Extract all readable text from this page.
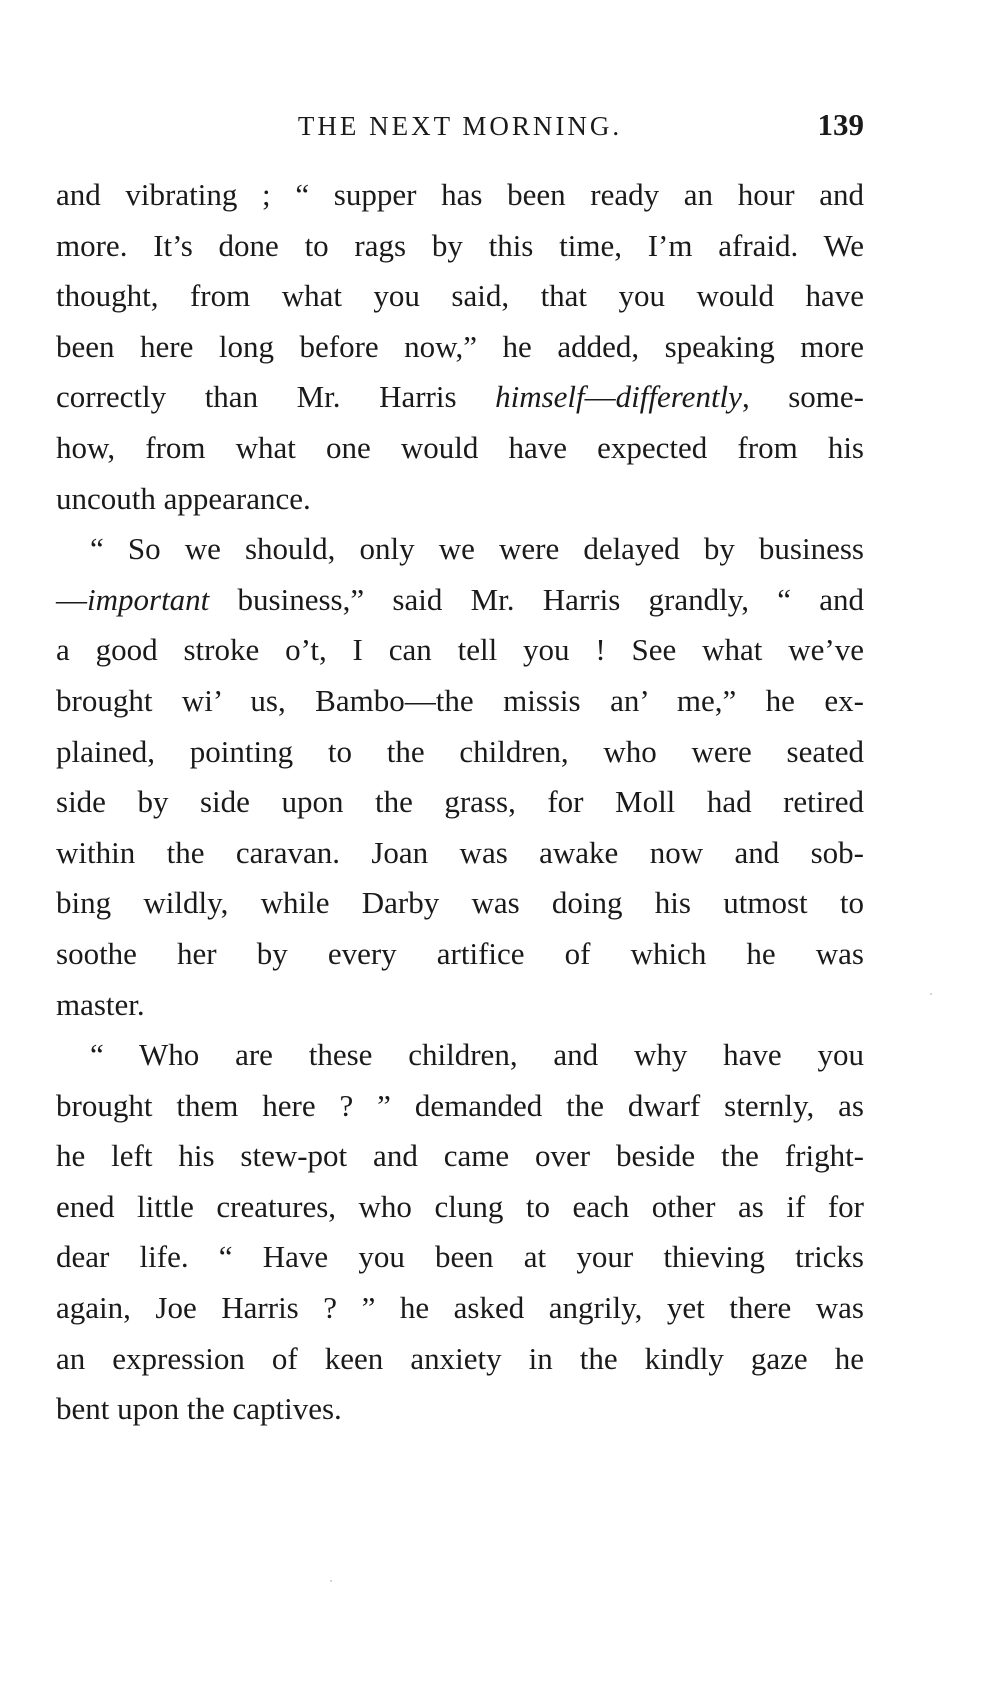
THE NEXT MORNING.	139
and vibrating ; “ supper has been ready an hour and
more. It’s done to rags by this time, I’m afraid. We
thought, from what you said, that you would have
been here long before now,” he added, speaking more
correctly than Mr. Harris himself—differently, some-
how, from what one would have expected from his
uncouth appearance.
“ So we should, only we were delayed by business
—important business,” said Mr. Harris grandly, “ and
a good stroke o’t, I can tell you ! See what we’ve
brought wi’ us, Bambo—the missis an’ me,” he ex-
plained, pointing to the children, who were seated
side by side upon the grass, for Moll had retired
within the caravan. Joan was awake now and sob-
bing wildly, while Darby was doing his utmost to
soothe her by every artifice of which he was
master.
“ Who are these children, and why have you
brought them here ? ” demanded the dwarf sternly, as
he left his stew-pot and came over beside the fright-
ened little creatures, who clung to each other as if for
dear life. “ Have you been at your thieving tricks
again, Joe Harris ? ” he asked angrily, yet there was
an expression of keen anxiety in the kindly gaze he
bent upon the captives.
